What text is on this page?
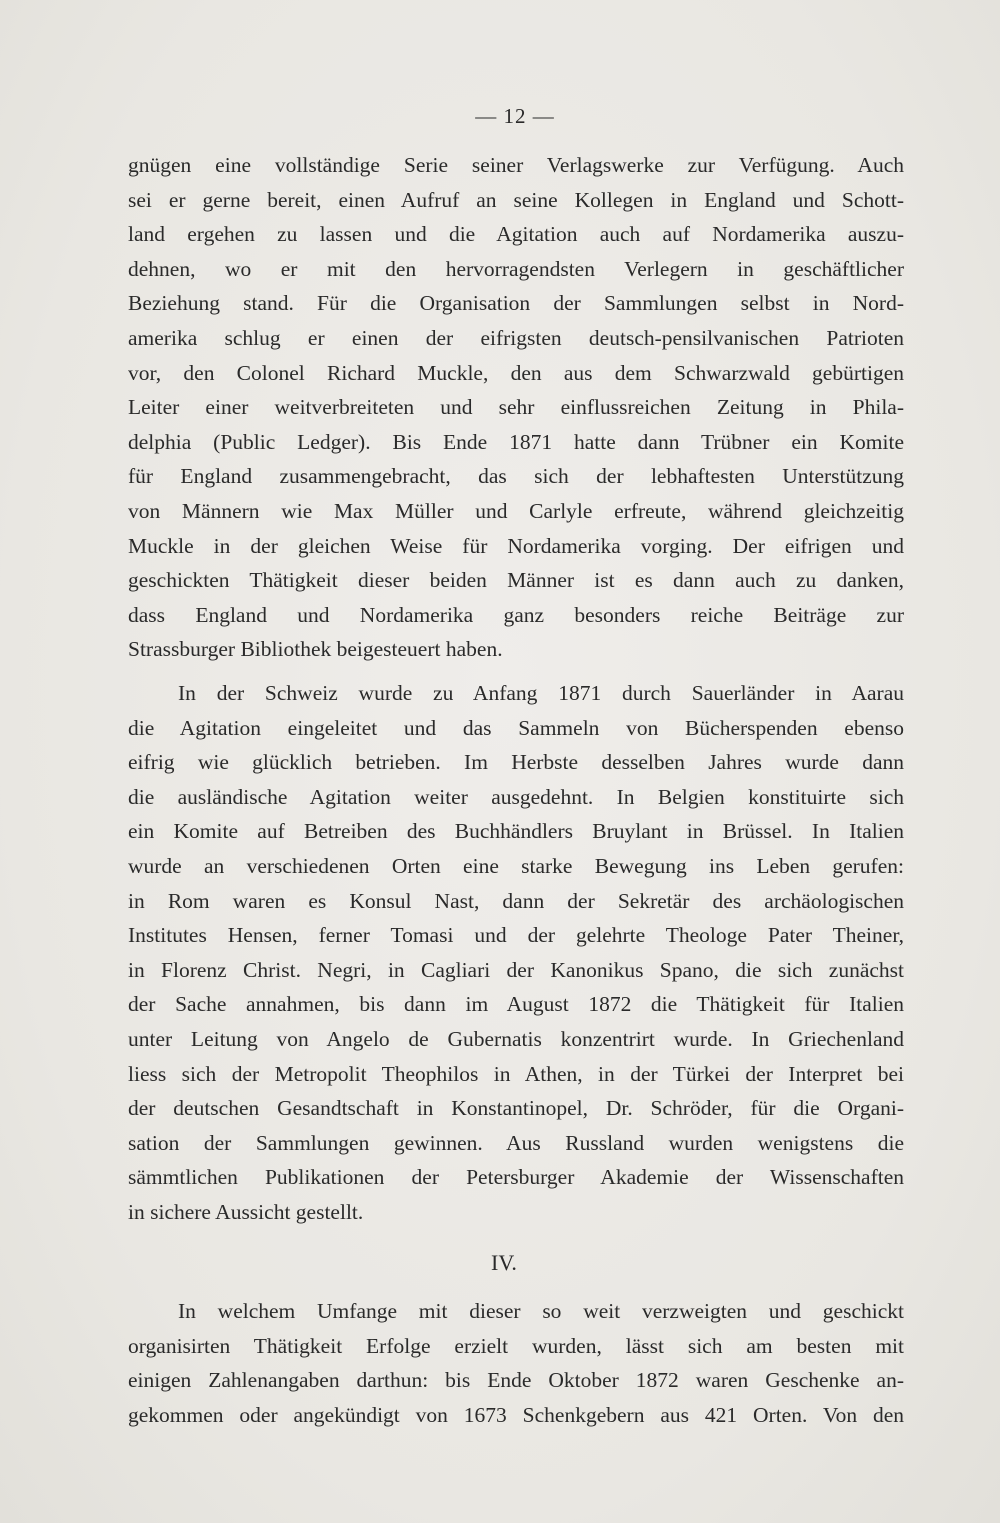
— 12 —
gnügen eine vollständige Serie seiner Verlagswerke zur Verfügung. Auch
sei er gerne bereit, einen Aufruf an seine Kollegen in England und Schott-
land ergehen zu lassen und die Agitation auch auf Nordamerika auszu-
dehnen, wo er mit den hervorragendsten Verlegern in geschäftlicher
Beziehung stand. Für die Organisation der Sammlungen selbst in Nord-
amerika schlug er einen der eifrigsten deutsch-pensilvanischen Patrioten
vor, den Colonel Richard Muckle, den aus dem Schwarzwald gebürtigen
Leiter einer weitverbreiteten und sehr einflussreichen Zeitung in Phila-
delphia (Public Ledger). Bis Ende 1871 hatte dann Trübner ein Komite
für England zusammengebracht, das sich der lebhaftesten Unterstützung
von Männern wie Max Müller und Carlyle erfreute, während gleichzeitig
Muckle in der gleichen Weise für Nordamerika vorging. Der eifrigen und
geschickten Thätigkeit dieser beiden Männer ist es dann auch zu danken,
dass England und Nordamerika ganz besonders reiche Beiträge zur
Strassburger Bibliothek beigesteuert haben.
In der Schweiz wurde zu Anfang 1871 durch Sauerländer in Aarau
die Agitation eingeleitet und das Sammeln von Bücherspenden ebenso
eifrig wie glücklich betrieben. Im Herbste desselben Jahres wurde dann
die ausländische Agitation weiter ausgedehnt. In Belgien konstituirte sich
ein Komite auf Betreiben des Buchhändlers Bruylant in Brüssel. In Italien
wurde an verschiedenen Orten eine starke Bewegung ins Leben gerufen:
in Rom waren es Konsul Nast, dann der Sekretär des archäologischen
Institutes Hensen, ferner Tomasi und der gelehrte Theologe Pater Theiner,
in Florenz Christ. Negri, in Cagliari der Kanonikus Spano, die sich zunächst
der Sache annahmen, bis dann im August 1872 die Thätigkeit für Italien
unter Leitung von Angelo de Gubernatis konzentrirt wurde. In Griechenland
liess sich der Metropolit Theophilos in Athen, in der Türkei der Interpret bei
der deutschen Gesandtschaft in Konstantinopel, Dr. Schröder, für die Organi-
sation der Sammlungen gewinnen. Aus Russland wurden wenigstens die
sämmtlichen Publikationen der Petersburger Akademie der Wissenschaften
in sichere Aussicht gestellt.
IV.
In welchem Umfange mit dieser so weit verzweigten und geschickt
organisirten Thätigkeit Erfolge erzielt wurden, lässt sich am besten mit
einigen Zahlenangaben darthun: bis Ende Oktober 1872 waren Geschenke an-
gekommen oder angekündigt von 1673 Schenkgebern aus 421 Orten. Von den
